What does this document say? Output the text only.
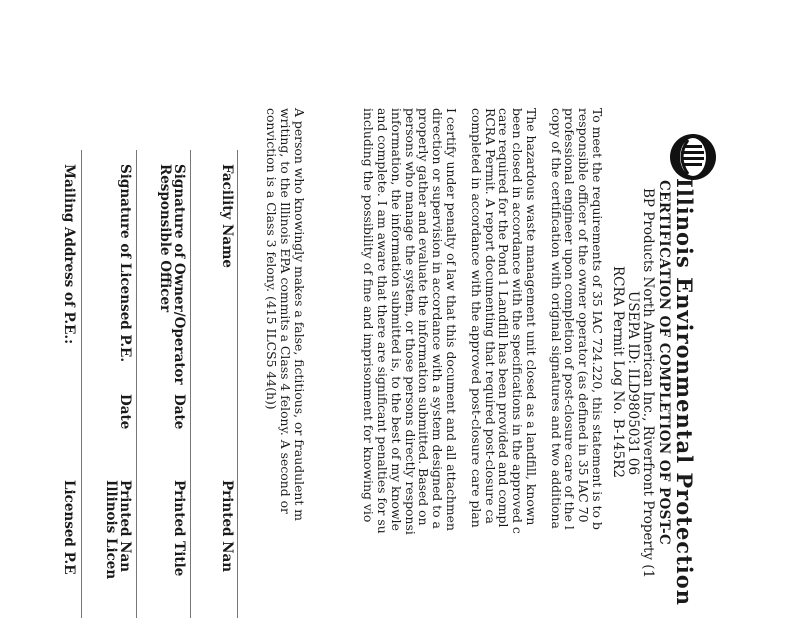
Illinois Environmental Protection
CERTIFICATION OF COMPLETION OF POST-C
BP Products North American Inc., Riverfront Property (1
USEPA ID: ILD9805031 06
RCRA Permit Log No. B-145R2
To meet the requirements of 35 IAC 724.220, this statement is to b
responsible officer of the owner operator (as defined in 35 IAC 70
professional engineer upon completion of post-closure care of the l
copy of the certification with original signatures and two additiona
The hazardous waste management unit closed as a landfill, known
been closed in accordance with the specifications in the approved c
care required for the Pond 1 Landfill has been provided and compl
RCRA Permit. A report documenting that required post-closure ca
completed in accordance with the approved post-closure care plan
I certify under penalty of law that this document and all attachmen
direction or supervision in accordance with a system designed to a
properly gather and evaluate the information submitted. Based on
persons who manage the system, or those persons directly responsi
information, the information submitted is, to the best of my knowle
and complete. I am aware that there are significant penalties for su
including the possibility of fine and imprisonment for knowing vio
A person who knowingly makes a false, fictitious, or fraudulent m
writing, to the Illinois EPA commits a Class 4 felony. A second or
conviction is a Class 3 felony. (415 ILCS5 44(h))
Facility Name
Printed Nan
Signature of Owner/Operator
Responsible Officer
Date
Printed Title
Signature of Licensed P.E.
Date
Printed Nan
Illinois Licen
Mailing Address of P.E.:
Licensed P.E
